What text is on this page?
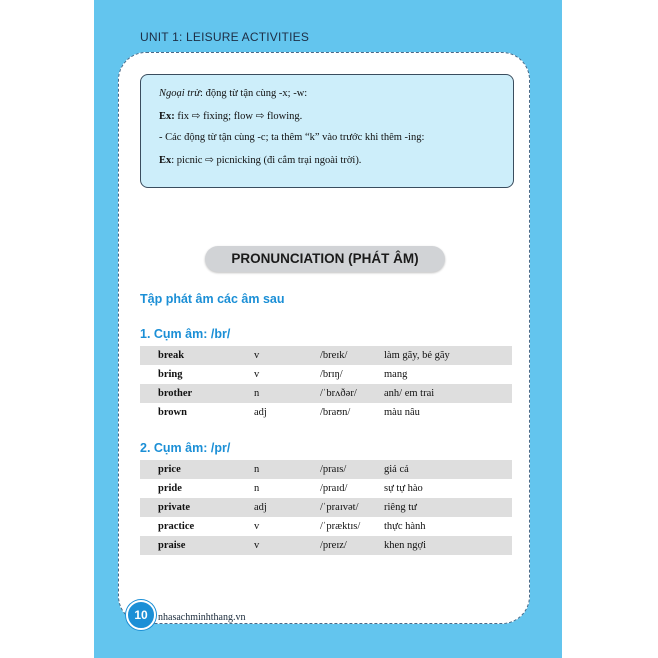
UNIT 1: LEISURE ACTIVITIES
Ngoại trừ: động từ tận cùng -x; -w:
Ex: fix ⇨ fixing; flow ⇨ flowing.
- Các động từ tận cùng -c; ta thêm “k” vào trước khi thêm -ing:
Ex: picnic ⇨ picnicking (đi cắm trại ngoài trời).
PRONUNCIATION (PHÁT ÂM)
Tập phát âm các âm sau
1. Cụm âm: /br/
break	v	/breɪk/	làm gãy, bẻ gãy
bring	v	/brɪŋ/	mang
brother	n	/ˈbrʌðər/	anh/ em trai
brown	adj	/braʊn/	màu nâu
2. Cụm âm: /pr/
price	n	/praɪs/	giá cả
pride	n	/praɪd/	sự tự hào
private	adj	/ˈpraɪvət/	riêng tư
practice	v	/ˈpræktɪs/	thực hành
praise	v	/preɪz/	khen ngợi
10	nhasachminhthang.vn
